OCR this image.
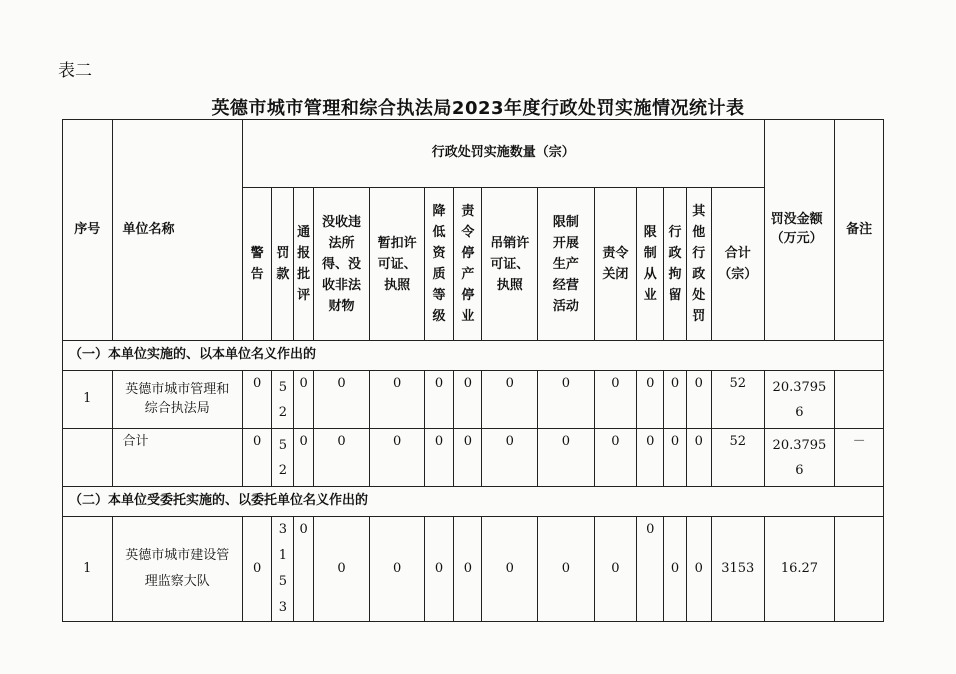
表二
英德市城市管理和综合执法局2023年度行政处罚实施情况统计表
序号	单位名称	行政处罚实施数量（宗）														罚没金额（万元）	备注
		警告	罚款	通报批评	没收违法所得、没收非法财物	暂扣许可证、执照	降低资质等级	责令停产停业	吊销许可证、执照	限制开展生产经营活动	责令关闭	限制从业	行政拘留	其他行政处罚	合计（宗）		
（一）本单位实施的、以本单位名义作出的																	
1	英德市城市管理和综合执法局	0	52	0	0	0	0	0	0	0	0	0	0	0	52	20.37956	
	合计	0	52	0	0	0	0	0	0	0	0	0	0	0	52	20.37956	－
（二）本单位受委托实施的、以委托单位名义作出的																	
1	英德市城市建设管理监察大队	0	3153	0	0	0	0	0	0	0	0	0	0	0	3153	16.27	
